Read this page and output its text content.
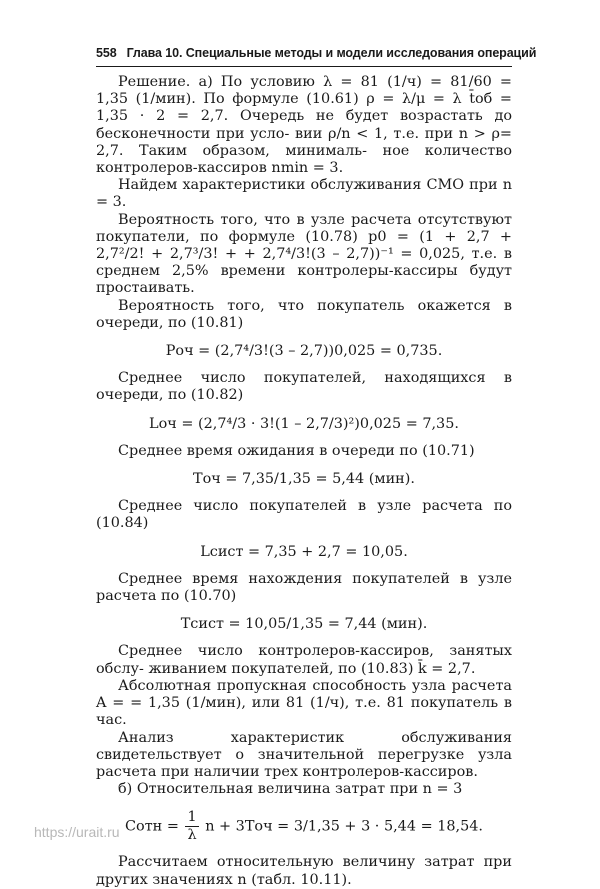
558 Глава 10. Специальные методы и модели исследования операций

Решение. а) По условию λ = 81 (1/ч) = 81/60 = 1,35 (1/мин). По формуле (10.61) ρ = λ/μ = λ t̄об = 1,35 · 2 = 2,7. Очередь не будет возрастать до бесконечности при усло- вии ρ/n < 1, т.е. при n > ρ= 2,7. Таким образом, минималь- ное количество контролеров-кассиров nmin = 3.

Найдем характеристики обслуживания СМО при n = 3.

Вероятность того, что в узле расчета отсутствуют покупатели, по формуле (10.78) p0 = (1 + 2,7 + 2,7²/2! + 2,7³/3! + + 2,7⁴/3!(3 – 2,7))⁻¹ = 0,025, т.е. в среднем 2,5% времени контролеры-кассиры будут простаивать.

Вероятность того, что покупатель окажется в очереди, по (10.81)

Pоч = (2,7⁴/3!(3 – 2,7))0,025 = 0,735.

Среднее число покупателей, находящихся в очереди, по (10.82)

Lоч = (2,7⁴/3 · 3!(1 – 2,7/3)²)0,025 = 7,35.

Среднее время ожидания в очереди по (10.71)

Tоч = 7,35/1,35 = 5,44 (мин).

Среднее число покупателей в узле расчета по (10.84)

Lсист = 7,35 + 2,7 = 10,05.

Среднее время нахождения покупателей в узле расчета по (10.70)

Tсист = 10,05/1,35 = 7,44 (мин).

Среднее число контролеров-кассиров, занятых обслу- живанием покупателей, по (10.83) k̄ = 2,7.

Абсолютная пропускная способность узла расчета A = = 1,35 (1/мин), или 81 (1/ч), т.е. 81 покупатель в час.

Анализ характеристик обслуживания свидетельствует о значительной перегрузке узла расчета при наличии трех контролеров-кассиров.

б) Относительная величина затрат при n = 3

Cотн = $\frac{1}{\lambda}$ n + 3Tоч = 3/1,35 + 3 · 5,44 = 18,54.

Рассчитаем относительную величину затрат при других значениях n (табл. 10.11).

https://urait.ru
